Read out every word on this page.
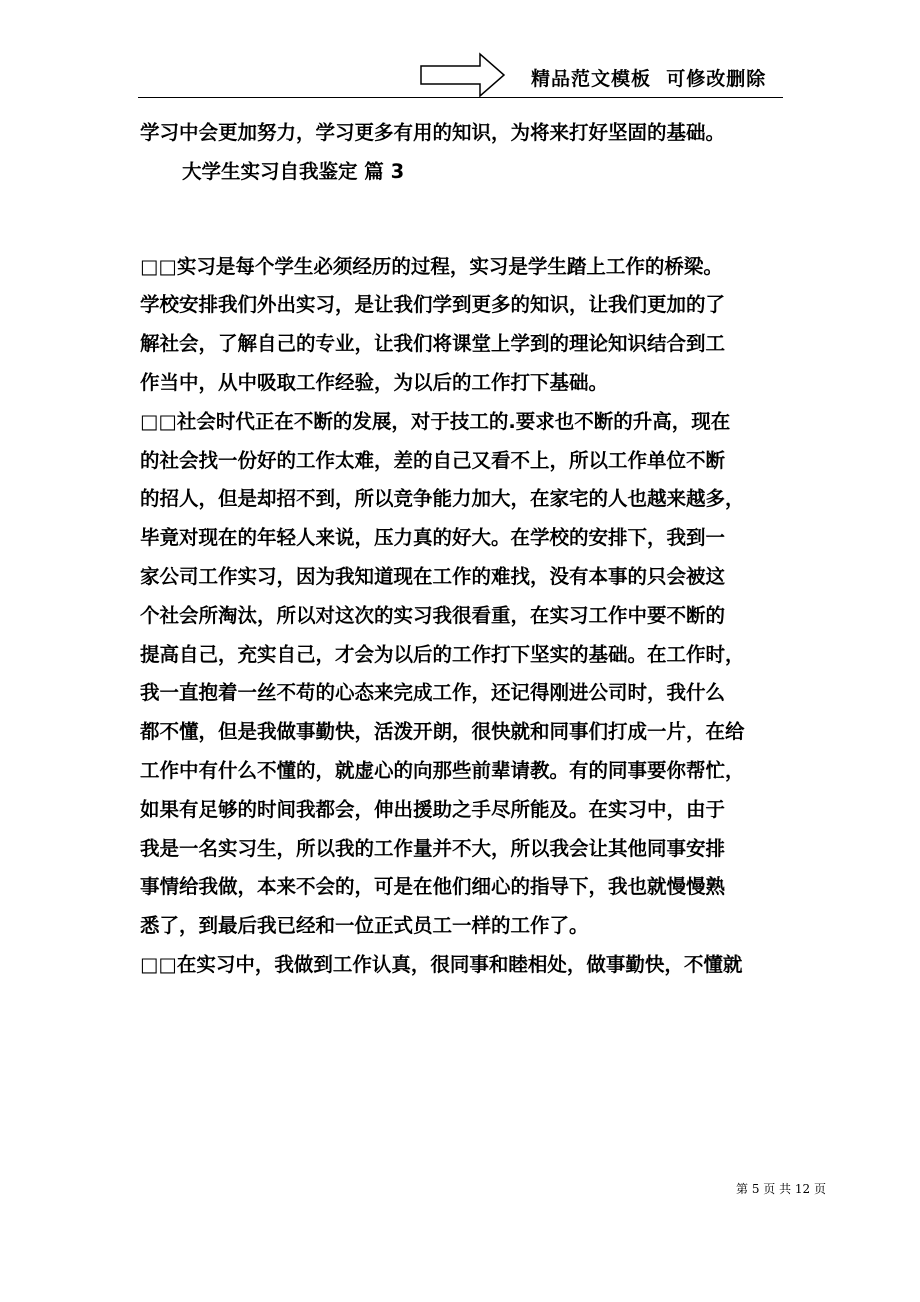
精品范文模板  可修改删除
学习中会更加努力，学习更多有用的知识，为将来打好坚固的基础。
大学生实习自我鉴定 篇 3
□□实习是每个学生必须经历的过程，实习是学生踏上工作的桥梁。
学校安排我们外出实习，是让我们学到更多的知识，让我们更加的了
解社会，了解自己的专业，让我们将课堂上学到的理论知识结合到工
作当中，从中吸取工作经验，为以后的工作打下基础。
□□社会时代正在不断的发展，对于技工的.要求也不断的升高，现在
的社会找一份好的工作太难，差的自己又看不上，所以工作单位不断
的招人，但是却招不到，所以竞争能力加大，在家宅的人也越来越多，
毕竟对现在的年轻人来说，压力真的好大。在学校的安排下，我到一
家公司工作实习，因为我知道现在工作的难找，没有本事的只会被这
个社会所淘汰，所以对这次的实习我很看重，在实习工作中要不断的
提高自己，充实自己，才会为以后的工作打下坚实的基础。在工作时，
我一直抱着一丝不苟的心态来完成工作，还记得刚进公司时，我什么
都不懂，但是我做事勤快，活泼开朗，很快就和同事们打成一片，在给
工作中有什么不懂的，就虚心的向那些前辈请教。有的同事要你帮忙，
如果有足够的时间我都会，伸出援助之手尽所能及。在实习中，由于
我是一名实习生，所以我的工作量并不大，所以我会让其他同事安排
事情给我做，本来不会的，可是在他们细心的指导下，我也就慢慢熟
悉了，到最后我已经和一位正式员工一样的工作了。
□□在实习中，我做到工作认真，很同事和睦相处，做事勤快，不懂就
第 5 页 共 12 页
